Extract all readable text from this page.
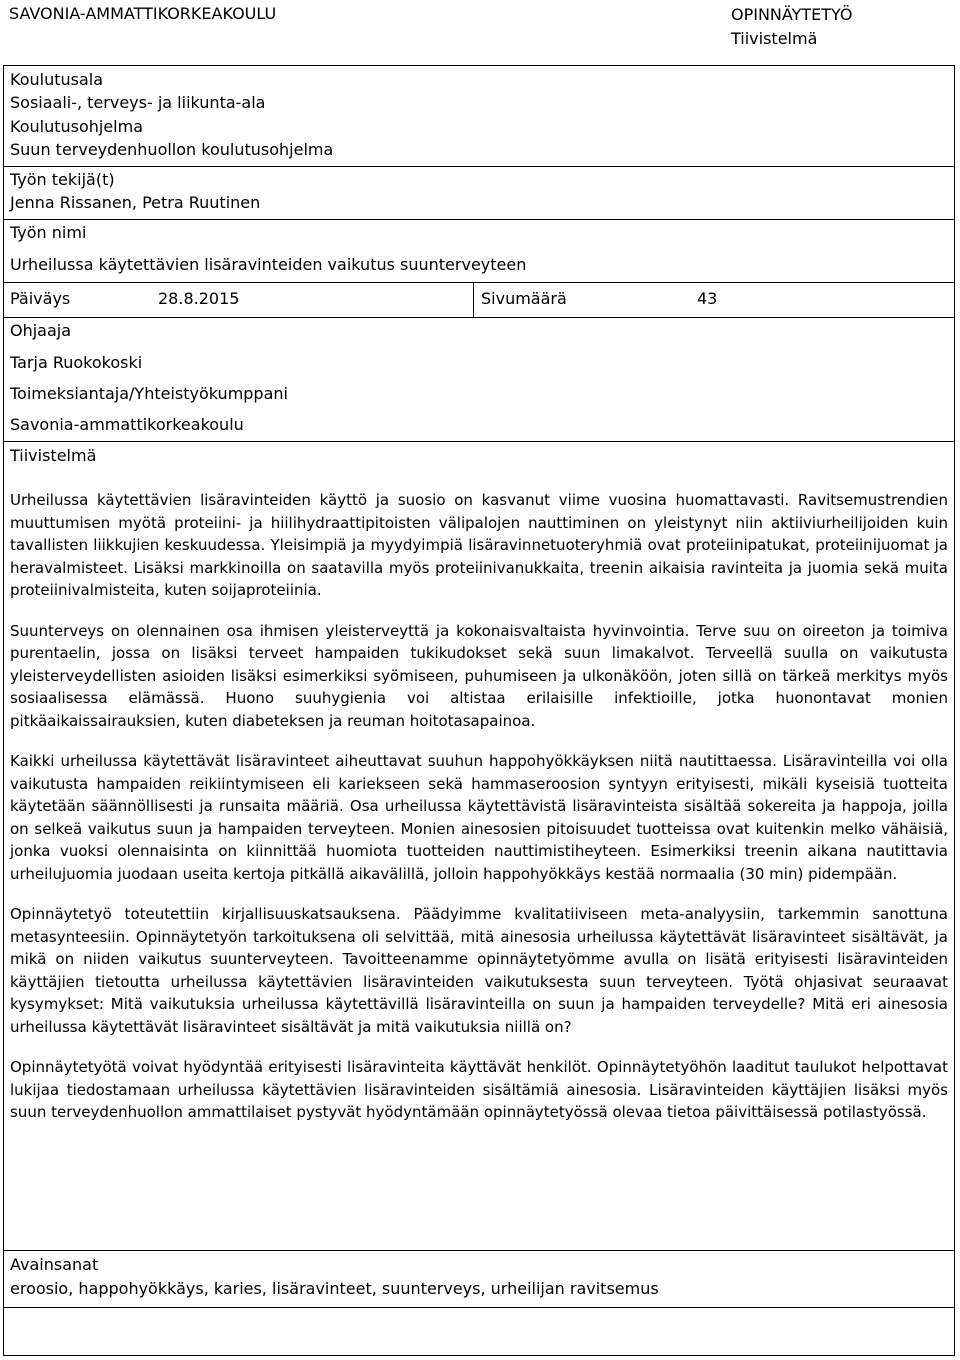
SAVONIA-AMMATTIKORKEAKOULU	OPINNÄYTETYÖ
Tiivistelmä
Koulutusala
Sosiaali-, terveys- ja liikunta-ala
Koulutusohjelma
Suun terveydenhuollon koulutusohjelma
Työn tekijä(t)
Jenna Rissanen, Petra Ruutinen
Työn nimi
Urheilussa käytettävien lisäravinteiden vaikutus suunterveyteen
Päiväys	28.8.2015	Sivumäärä	43
Ohjaaja
Tarja Ruokokoski
Toimeksiantaja/Yhteistyökumppani
Savonia-ammattikorkeakoulu
Tiivistelmä

Urheilussa käytettävien lisäravinteiden käyttö ja suosio on kasvanut viime vuosina huomattavasti. Ravitsemustrendien muuttumisen myötä proteiini- ja hiilihydraattipitoisten välipalojen nauttiminen on yleistynyt niin aktiiviurheilijoiden kuin tavallisten liikkujien keskuudessa. Yleisimpiä ja myydyimpiä lisäravinnetuoteryhmiä ovat proteiinipatukat, proteiinijuomat ja heravalmisteet. Lisäksi markkinoilla on saatavilla myös proteiinivanukkaita, treenin aikaisia ravinteita ja juomia sekä muita proteiinivalmisteita, kuten soijaproteiinia.

Suunterveys on olennainen osa ihmisen yleisterveyttä ja kokonaisvaltaista hyvinvointia. Terve suu on oireeton ja toimiva purentaelin, jossa on lisäksi terveet hampaiden tukikudokset sekä suun limakalvot. Terveellä suulla on vaikutusta yleisterveydellisten asioiden lisäksi esimerkiksi syömiseen, puhumiseen ja ulkonäköön, joten sillä on tärkeä merkitys myös sosiaalisessa elämässä. Huono suuhygienia voi altistaa erilaisille infektioille, jotka huonontavat monien pitkäaikaissairauksien, kuten diabeteksen ja reuman hoitotasapainoa.

Kaikki urheilussa käytettävät lisäravinteet aiheuttavat suuhun happohyökkäyksen niitä nautittaessa. Lisäravinteilla voi olla vaikutusta hampaiden reikiintymiseen eli kariekseen sekä hammaseroosion syntyyn erityisesti, mikäli kyseisiä tuotteita käytetään säännöllisesti ja runsaita määriä. Osa urheilussa käytettävistä lisäravinteista sisältää sokereita ja happoja, joilla on selkeä vaikutus suun ja hampaiden terveyteen. Monien ainesosien pitoisuudet tuotteissa ovat kuitenkin melko vähäisiä, jonka vuoksi olennaisinta on kiinnittää huomiota tuotteiden nauttimistiheyteen. Esimerkiksi treenin aikana nautittavia urheilujuomia juodaan useita kertoja pitkällä aikavälillä, jolloin happohyökkäys kestää normaalia (30 min) pidempään.

Opinnäytetyö toteutettiin kirjallisuuskatsauksena. Päädyimme kvalitatiiviseen meta-analyysiin, tarkemmin sanottuna metasynteesiin. Opinnäytetyön tarkoituksena oli selvittää, mitä ainesosia urheilussa käytettävät lisäravinteet sisältävät, ja mikä on niiden vaikutus suunterveyteen. Tavoitteenamme opinnäytetyömme avulla on lisätä erityisesti lisäravinteiden käyttäjien tietoutta urheilussa käytettävien lisäravinteiden vaikutuksesta suun terveyteen. Työtä ohjasivat seuraavat kysymykset: Mitä vaikutuksia urheilussa käytettävillä lisäravinteilla on suun ja hampaiden terveydelle? Mitä eri ainesosia urheilussa käytettävät lisäravinteet sisältävät ja mitä vaikutuksia niillä on?

Opinnäytetyötä voivat hyödyntää erityisesti lisäravinteita käyttävät henkilöt. Opinnäytetyöhön laaditut taulukot helpottavat lukijaa tiedostamaan urheilussa käytettävien lisäravinteiden sisältämiä ainesosia. Lisäravinteiden käyttäjien lisäksi myös suun terveydenhuollon ammattilaiset pystyvät hyödyntämään opinnäytetyössä olevaa tietoa päivittäisessä potilastyössä.

Avainsanat
eroosio, happohyökkäys, karies, lisäravinteet, suunterveys, urheilijan ravitsemus
